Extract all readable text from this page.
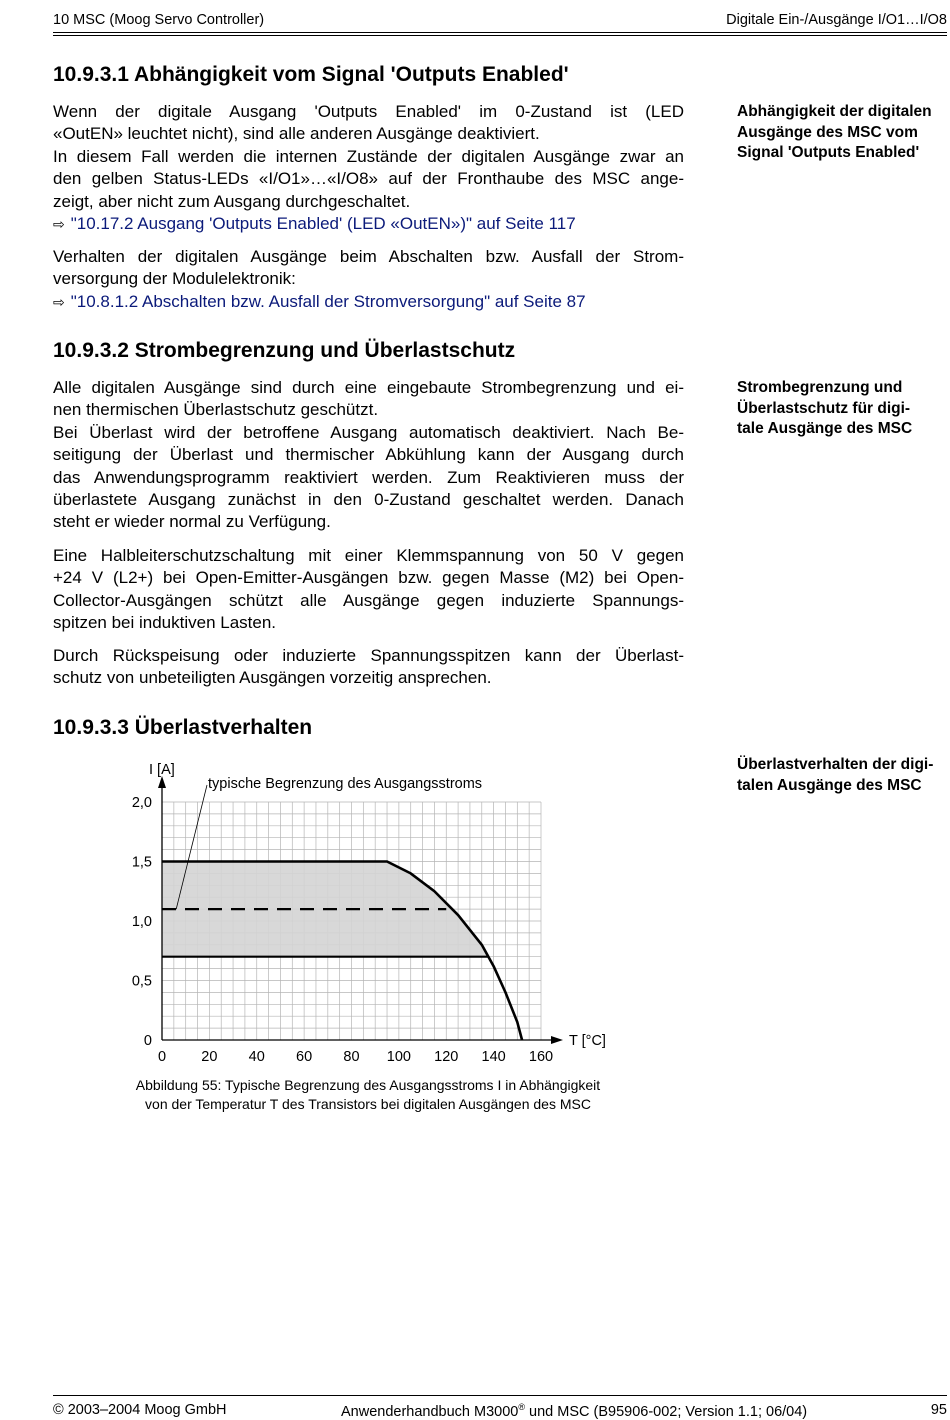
10 MSC (Moog Servo Controller)	Digitale Ein-/Ausgänge I/O1…I/O8
10.9.3.1 Abhängigkeit vom Signal 'Outputs Enabled'

Abhängigkeit der digitalen
Ausgänge des MSC vom
Signal 'Outputs Enabled'

Wenn der digitale Ausgang 'Outputs Enabled' im 0-Zustand ist (LED
«OutEN» leuchtet nicht), sind alle anderen Ausgänge deaktiviert.
In diesem Fall werden die internen Zustände der digitalen Ausgänge zwar an
den gelben Status-LEDs «I/O1»…«I/O8» auf der Fronthaube des MSC ange-
zeigt, aber nicht zum Ausgang durchgeschaltet.
⇨ "10.17.2 Ausgang 'Outputs Enabled' (LED «OutEN»)" auf Seite 117

Verhalten der digitalen Ausgänge beim Abschalten bzw. Ausfall der Strom-
versorgung der Modulelektronik:
⇨ "10.8.1.2 Abschalten bzw. Ausfall der Stromversorgung" auf Seite 87

10.9.3.2 Strombegrenzung und Überlastschutz

Strombegrenzung und
Überlastschutz für digi-
tale Ausgänge des MSC

Alle digitalen Ausgänge sind durch eine eingebaute Strombegrenzung und ei-
nen thermischen Überlastschutz geschützt.
Bei Überlast wird der betroffene Ausgang automatisch deaktiviert. Nach Be-
seitigung der Überlast und thermischer Abkühlung kann der Ausgang durch
das Anwendungsprogramm reaktiviert werden. Zum Reaktivieren muss der
überlastete Ausgang zunächst in den 0-Zustand geschaltet werden. Danach
steht er wieder normal zu Verfügung.

Eine Halbleiterschutzschaltung mit einer Klemmspannung von 50 V gegen
+24 V (L2+) bei Open-Emitter-Ausgängen bzw. gegen Masse (M2) bei Open-
Collector-Ausgängen schützt alle Ausgänge gegen induzierte Spannungs-
spitzen bei induktiven Lasten.

Durch Rückspeisung oder induzierte Spannungsspitzen kann der Überlast-
schutz von unbeteiligten Ausgängen vorzeitig ansprechen.

10.9.3.3 Überlastverhalten

Überlastverhalten der digi-
talen Ausgänge des MSC

typische Begrenzung des Ausgangsstroms
0 20 40 60 80 100 120 140 160
0
0,5
1,0
1,5
2,0
I [A]
T [°C]

Abbildung 55: Typische Begrenzung des Ausgangsstroms I in Abhängigkeit
von der Temperatur T des Transistors bei digitalen Ausgängen des MSC

© 2003–2004 Moog GmbH	Anwenderhandbuch M3000® und MSC (B95906-002; Version 1.1; 06/04)	95
